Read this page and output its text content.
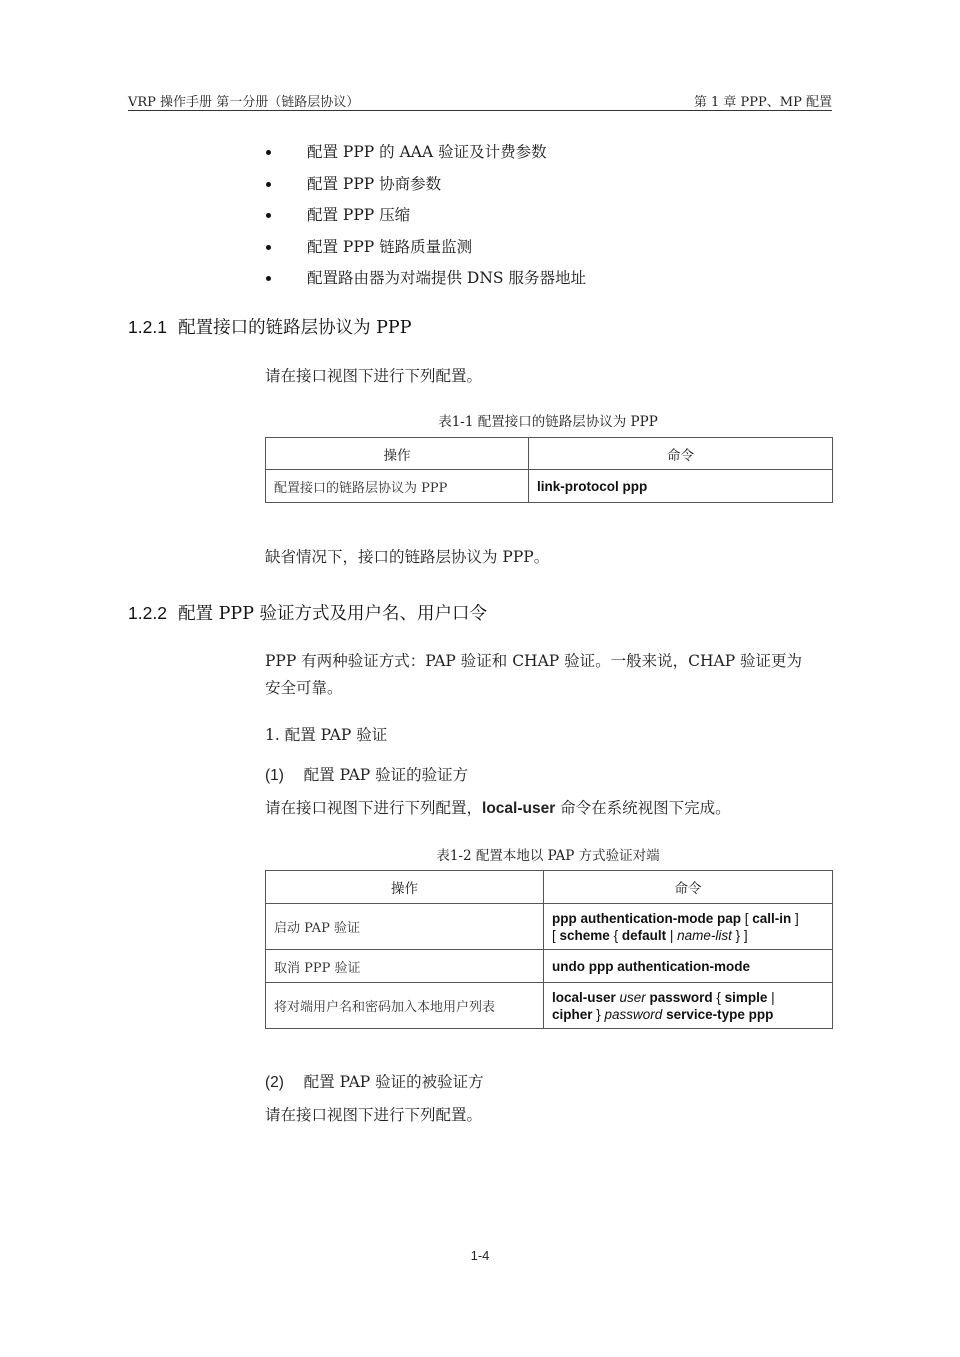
VRP 操作手册 第一分册（链路层协议）	第 1 章 PPP、MP 配置
配置 PPP 的 AAA 验证及计费参数
配置 PPP 协商参数
配置 PPP 压缩
配置 PPP 链路质量监测
配置路由器为对端提供 DNS 服务器地址
1.2.1 配置接口的链路层协议为 PPP
请在接口视图下进行下列配置。
表1-1 配置接口的链路层协议为 PPP
操作	命令
配置接口的链路层协议为 PPP	link-protocol ppp
缺省情况下，接口的链路层协议为 PPP。
1.2.2 配置 PPP 验证方式及用户名、用户口令
PPP 有两种验证方式：PAP 验证和 CHAP 验证。一般来说，CHAP 验证更为
安全可靠。
1. 配置 PAP 验证
(1) 配置 PAP 验证的验证方
请在接口视图下进行下列配置，local-user 命令在系统视图下完成。
表1-2 配置本地以 PAP 方式验证对端
操作	命令
启动 PAP 验证	ppp authentication-mode pap [ call-in ]
[ scheme { default | name-list } ]
取消 PPP 验证	undo ppp authentication-mode
将对端用户名和密码加入本地用户列表	local-user user password { simple |
cipher } password service-type ppp
(2) 配置 PAP 验证的被验证方
请在接口视图下进行下列配置。
1-4
